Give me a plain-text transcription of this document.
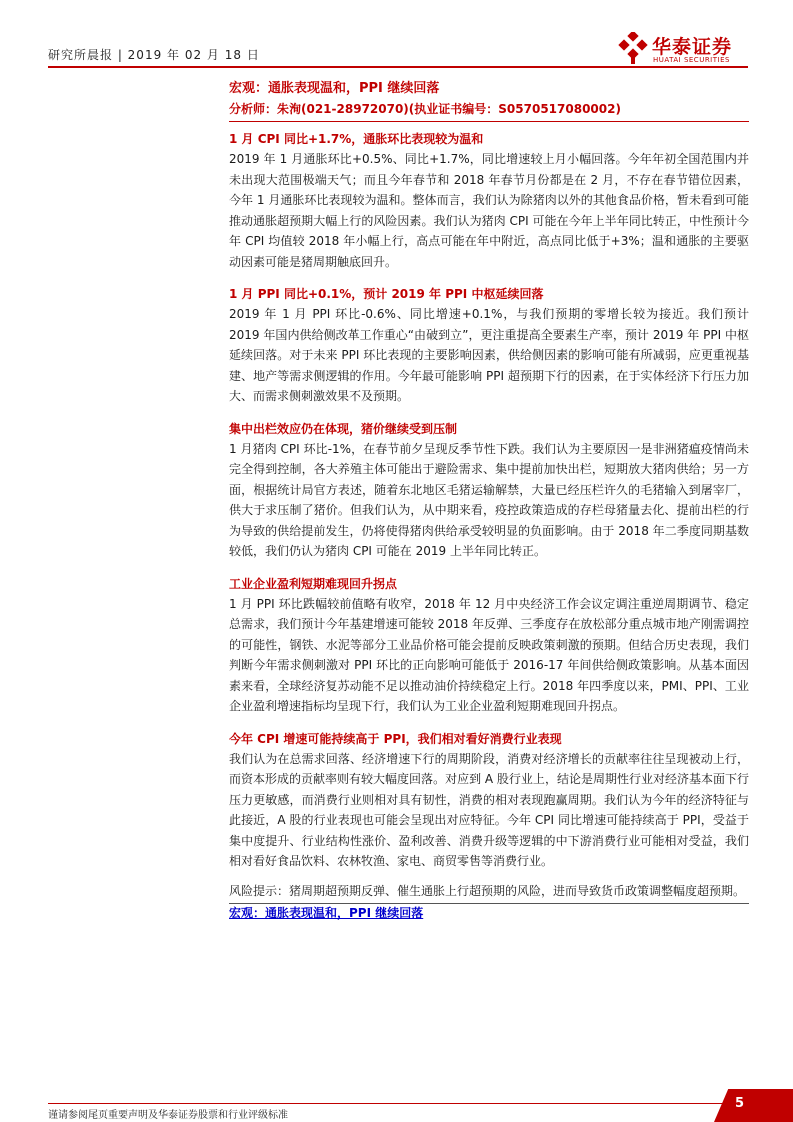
研究所晨报 | 2019 年 02 月 18 日	华泰证券
HUATAI SECURITIES

宏观：通胀表现温和，PPI 继续回落

分析师：朱洵(021-28972070)(执业证书编号：S0570517080002)

1 月 CPI 同比+1.7%，通胀环比表现较为温和

2019 年 1 月通胀环比+0.5%、同比+1.7%，同比增速较上月小幅回落。今年年初全国范围内并未出现大范围极端天气；而且今年春节和 2018 年春节月份都是在 2 月，不存在春节错位因素，今年 1 月通胀环比表现较为温和。整体而言，我们认为除猪肉以外的其他食品价格，暂未看到可能推动通胀超预期大幅上行的风险因素。我们认为猪肉 CPI 可能在今年上半年同比转正，中性预计今年 CPI 均值较 2018 年小幅上行，高点可能在年中附近，高点同比低于+3%；温和通胀的主要驱动因素可能是猪周期触底回升。

1 月 PPI 同比+0.1%，预计 2019 年 PPI 中枢延续回落

2019 年 1 月 PPI 环比-0.6%、同比增速+0.1%，与我们预期的零增长较为接近。我们预计 2019 年国内供给侧改革工作重心“由破到立”，更注重提高全要素生产率，预计 2019 年 PPI 中枢延续回落。对于未来 PPI 环比表现的主要影响因素，供给侧因素的影响可能有所减弱，应更重视基建、地产等需求侧逻辑的作用。今年最可能影响 PPI 超预期下行的因素，在于实体经济下行压力加大、而需求侧刺激效果不及预期。

集中出栏效应仍在体现，猪价继续受到压制

1 月猪肉 CPI 环比-1%，在春节前夕呈现反季节性下跌。我们认为主要原因一是非洲猪瘟疫情尚未完全得到控制，各大养殖主体可能出于避险需求、集中提前加快出栏，短期放大猪肉供给；另一方面，根据统计局官方表述，随着东北地区毛猪运输解禁，大量已经压栏许久的毛猪输入到屠宰厂，供大于求压制了猪价。但我们认为，从中期来看，疫控政策造成的存栏母猪量去化、提前出栏的行为导致的供给提前发生，仍将使得猪肉供给承受较明显的负面影响。由于 2018 年二季度同期基数较低，我们仍认为猪肉 CPI 可能在 2019 上半年同比转正。

工业企业盈利短期难现回升拐点

1 月 PPI 环比跌幅较前值略有收窄，2018 年 12 月中央经济工作会议定调注重逆周期调节、稳定总需求，我们预计今年基建增速可能较 2018 年反弹、三季度存在放松部分重点城市地产刚需调控的可能性，钢铁、水泥等部分工业品价格可能会提前反映政策刺激的预期。但结合历史表现，我们判断今年需求侧刺激对 PPI 环比的正向影响可能低于 2016-17 年间供给侧政策影响。从基本面因素来看，全球经济复苏动能不足以推动油价持续稳定上行。2018 年四季度以来，PMI、PPI、工业企业盈利增速指标均呈现下行，我们认为工业企业盈利短期难现回升拐点。

今年 CPI 增速可能持续高于 PPI，我们相对看好消费行业表现

我们认为在总需求回落、经济增速下行的周期阶段，消费对经济增长的贡献率往往呈现被动上行，而资本形成的贡献率则有较大幅度回落。对应到 A 股行业上，结论是周期性行业对经济基本面下行压力更敏感，而消费行业则相对具有韧性，消费的相对表现跑赢周期。我们认为今年的经济特征与此接近，A 股的行业表现也可能会呈现出对应特征。今年 CPI 同比增速可能持续高于 PPI，受益于集中度提升、行业结构性涨价、盈利改善、消费升级等逻辑的中下游消费行业可能相对受益，我们相对看好食品饮料、农林牧渔、家电、商贸零售等消费行业。

风险提示：猪周期超预期反弹、催生通胀上行超预期的风险，进而导致货币政策调整幅度超预期。

宏观：通胀表现温和，PPI 继续回落

谨请参阅尾页重要声明及华泰证券股票和行业评级标准
5
